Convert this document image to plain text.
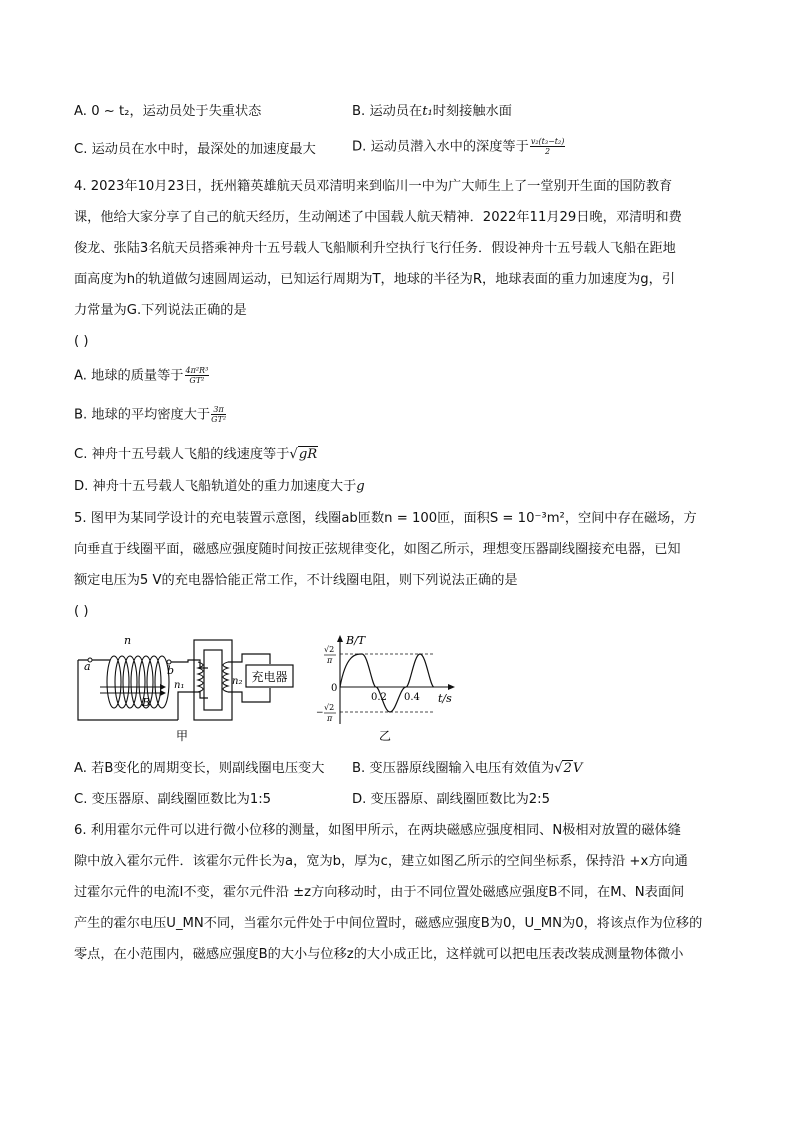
A. 0 ~ t₂，运动员处于失重状态	B. 运动员在t₁时刻接触水面
C. 运动员在水中时，最深处的加速度最大	D. 运动员潜入水中的深度等于 $\frac{\text{v₂(t₃−t₂)}}{2}$
4. 2023年10月23日，抚州籍英雄航天员邓清明来到临川一中为广大师生上了一堂别开生面的国防教育
课，他给大家分享了自己的航天经历，生动阐述了中国载人航天精神．2022年11月29日晚，邓清明和费
俊龙、张陆3名航天员搭乘神舟十五号载人飞船顺利升空执行飞行任务．假设神舟十五号载人飞船在距地
面高度为h的轨道做匀速圆周运动，已知运行周期为T，地球的半径为R，地球表面的重力加速度为g，引
力常量为G.下列说法正确的是
( )
A. 地球的质量等于 $\frac{\text{4π²R³}}{\text{GT²}}$
B. 地球的平均密度大于 $\frac{3\pi}{\text{GT²}}$
C. 神舟十五号载人飞船的线速度等于√gR
D. 神舟十五号载人飞船轨道处的重力加速度大于g
5. 图甲为某同学设计的充电装置示意图，线圈ab匝数n = 100匝，面积S = 10⁻³m²，空间中存在磁场，方
向垂直于线圈平面，磁感应强度随时间按正弦规律变化，如图乙所示，理想变压器副线圈接充电器，已知
额定电压为5 V的充电器恰能正常工作，不计线圈电阻，则下列说法正确的是
( )
充电器
n
a	b
B
n₁	n₂
甲
B/T
t/s
0
0.2 0.4
√2
π
−
√2
π
乙
A. 若B变化的周期变长，则副线圈电压变大 B. 变压器原线圈输入电压有效值为√2V
C. 变压器原、副线圈匝数比为1:5	D. 变压器原、副线圈匝数比为2:5
6. 利用霍尔元件可以进行微小位移的测量，如图甲所示，在两块磁感应强度相同、N极相对放置的磁体缝
隙中放入霍尔元件．该霍尔元件长为a，宽为b，厚为c，建立如图乙所示的空间坐标系，保持沿 +x方向通
过霍尔元件的电流I不变，霍尔元件沿 ±z方向移动时，由于不同位置处磁感应强度B不同，在M、N表面间
产生的霍尔电压U_MN不同，当霍尔元件处于中间位置时，磁感应强度B为0，U_MN为0，将该点作为位移的
零点，在小范围内，磁感应强度B的大小与位移z的大小成正比，这样就可以把电压表改装成测量物体微小
